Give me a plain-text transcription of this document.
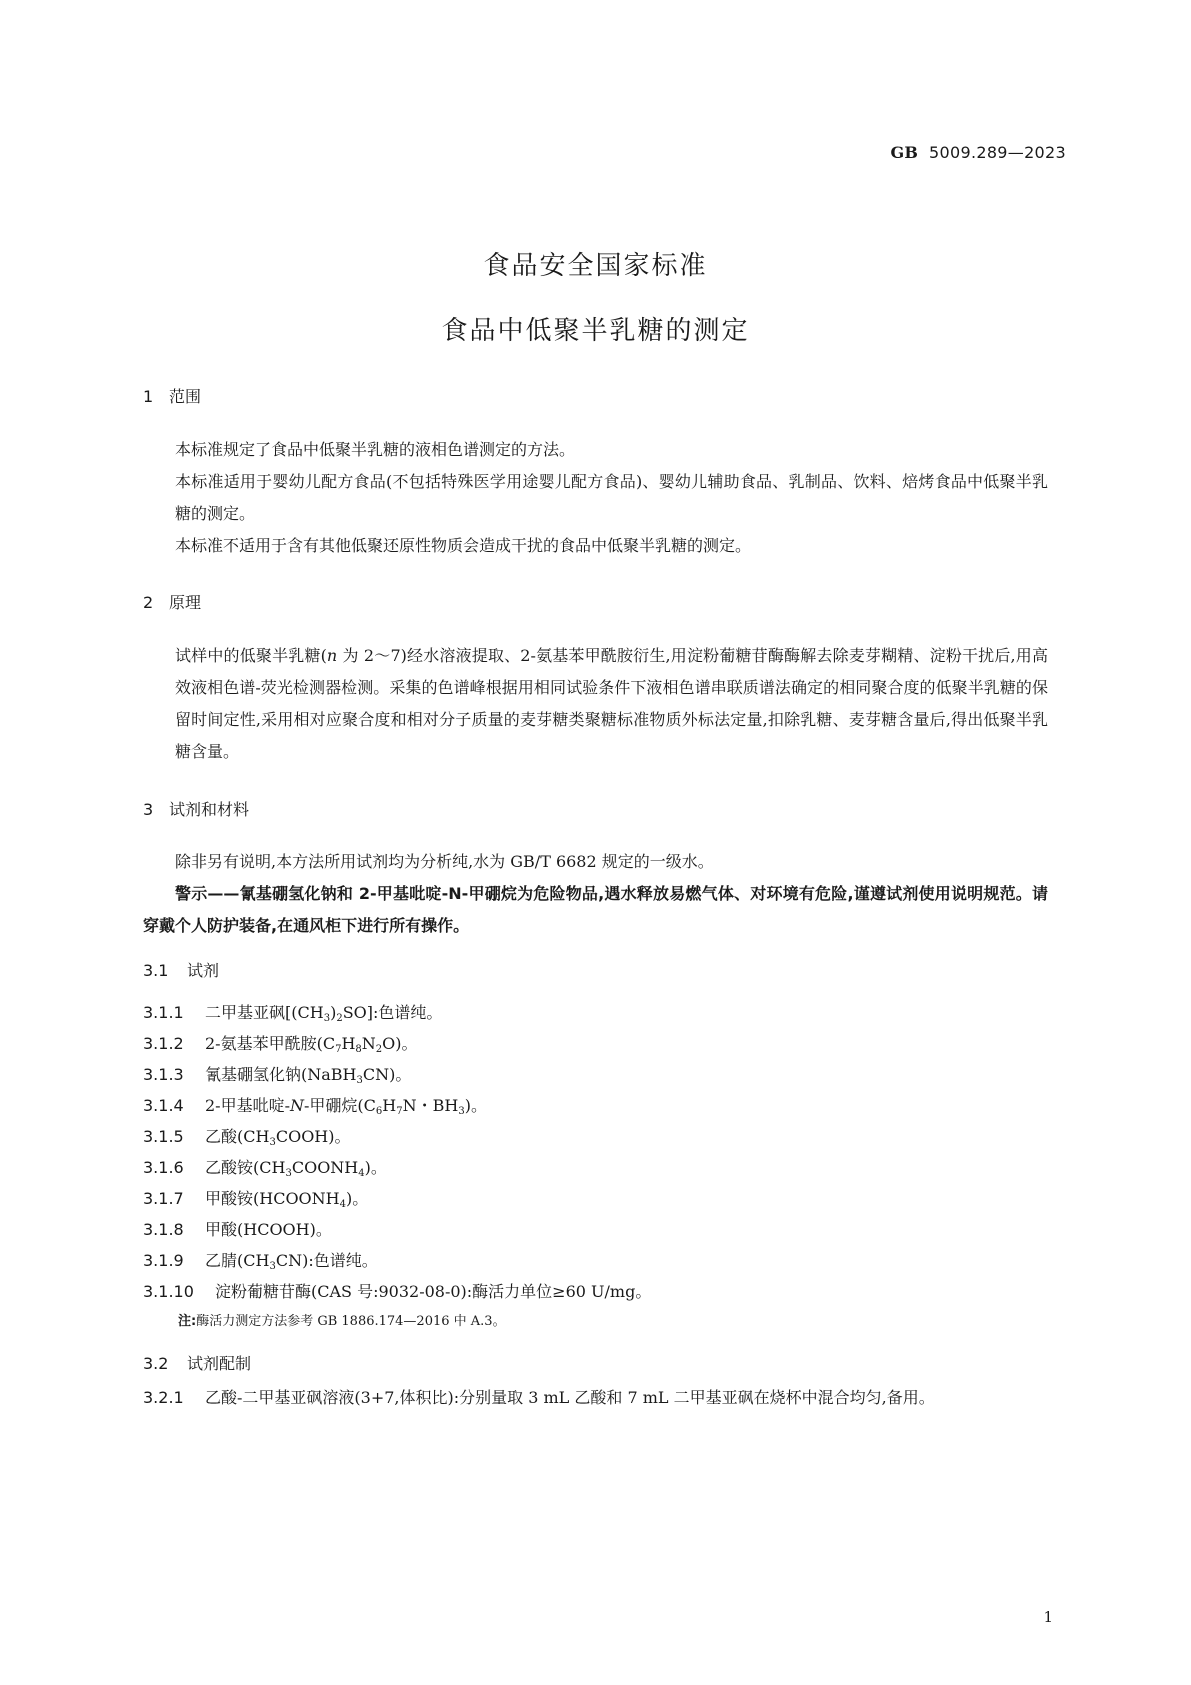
GB 5009.289—2023
食品安全国家标准
食品中低聚半乳糖的测定
1 范围
本标准规定了食品中低聚半乳糖的液相色谱测定的方法。
本标准适用于婴幼儿配方食品(不包括特殊医学用途婴儿配方食品)、婴幼儿辅助食品、乳制品、饮料、焙烤食品中低聚半乳糖的测定。
本标准不适用于含有其他低聚还原性物质会造成干扰的食品中低聚半乳糖的测定。
2 原理
试样中的低聚半乳糖(n 为 2～7)经水溶液提取、2-氨基苯甲酰胺衍生,用淀粉葡糖苷酶酶解去除麦芽糊精、淀粉干扰后,用高效液相色谱-荧光检测器检测。采集的色谱峰根据用相同试验条件下液相色谱串联质谱法确定的相同聚合度的低聚半乳糖的保留时间定性,采用相对应聚合度和相对分子质量的麦芽糖类聚糖标准物质外标法定量,扣除乳糖、麦芽糖含量后,得出低聚半乳糖含量。
3 试剂和材料
除非另有说明,本方法所用试剂均为分析纯,水为 GB/T 6682 规定的一级水。
警示——氰基硼氢化钠和 2-甲基吡啶-N-甲硼烷为危险物品,遇水释放易燃气体、对环境有危险,谨遵试剂使用说明规范。请穿戴个人防护装备,在通风柜下进行所有操作。
3.1 试剂
3.1.1 二甲基亚砜$[(CH_3)_2SO]$:色谱纯。
3.1.2 2-氨基苯甲酰胺$(C_7H_8N_2O)$。
3.1.3 氰基硼氢化钠(NaBH$_3$CN)。
3.1.4 2-甲基吡啶-N-甲硼烷($C_6H_7N$・$BH_3$)。
3.1.5 乙酸$(CH_3COOH)$。
3.1.6 乙酸铵$(CH_3COONH_4)$。
3.1.7 甲酸铵$(HCOONH_4)$。
3.1.8 甲酸(HCOOH)。
3.1.9 乙腈$(CH_3CN)$:色谱纯。
3.1.10 淀粉葡糖苷酶(CAS 号:9032-08-0):酶活力单位≥60 U/mg。
注:酶活力测定方法参考 GB 1886.174—2016 中 A.3。
3.2 试剂配制
3.2.1 乙酸-二甲基亚砜溶液(3+7,体积比):分别量取 3 mL 乙酸和 7 mL 二甲基亚砜在烧杯中混合均匀,备用。
1
